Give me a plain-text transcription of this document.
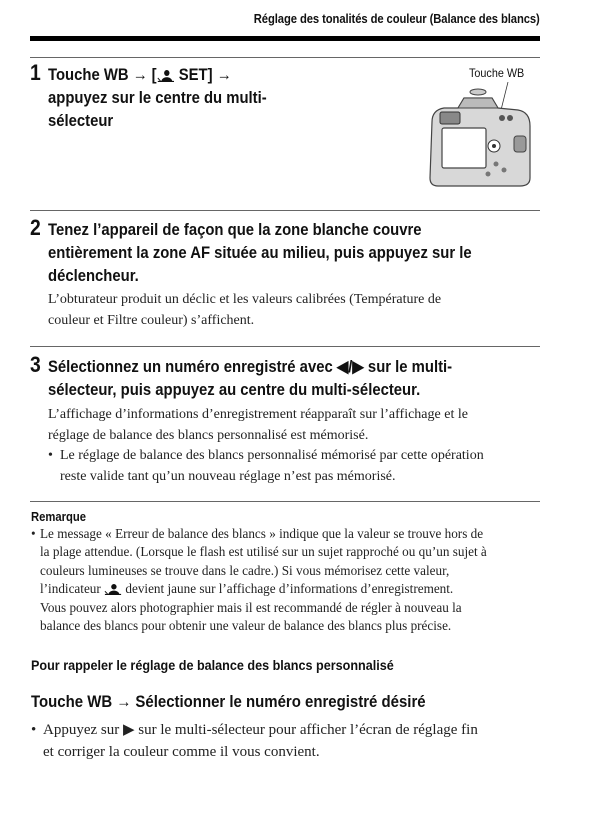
Réglage des tonalités de couleur (Balance des blancs)
1 Touche WB → [ SET] →
appuyez sur le centre du multi-
sélecteur
Touche WB
2 Tenez l’appareil de façon que la zone blanche couvre
entièrement la zone AF située au milieu, puis appuyez sur le
déclencheur.
L’obturateur produit un déclic et les valeurs calibrées (Température de
couleur et Filtre couleur) s’affichent.
3 Sélectionnez un numéro enregistré avec ◀/▶ sur le multi-
sélecteur, puis appuyez au centre du multi-sélecteur.
L’affichage d’informations d’enregistrement réapparaît sur l’affichage et le
réglage de balance des blancs personnalisé est mémorisé.
• Le réglage de balance des blancs personnalisé mémorisé par cette opération
reste valide tant qu’un nouveau réglage n’est pas mémorisé.
Remarque
• Le message « Erreur de balance des blancs » indique que la valeur se trouve hors de
la plage attendue. (Lorsque le flash est utilisé sur un sujet rapproché ou qu’un sujet à
couleurs lumineuses se trouve dans le cadre.) Si vous mémorisez cette valeur,
l’indicateur  devient jaune sur l’affichage d’informations d’enregistrement.
Vous pouvez alors photographier mais il est recommandé de régler à nouveau la
balance des blancs pour obtenir une valeur de balance des blancs plus précise.
Pour rappeler le réglage de balance des blancs personnalisé
Touche WB → Sélectionner le numéro enregistré désiré
• Appuyez sur ▶ sur le multi-sélecteur pour afficher l’écran de réglage fin
et corriger la couleur comme il vous convient.
